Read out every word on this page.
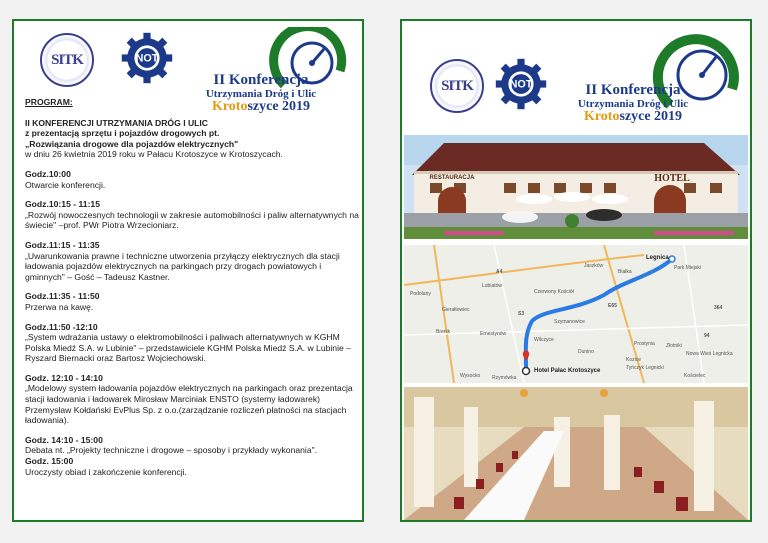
SITK	NOT
II Konferencja
Utrzymania Dróg i Ulic
Krotoszyce 2019
PROGRAM:
II KONFERENCJI UTRZYMANIA DRÓG I ULIC
z prezentacją sprzętu i pojazdów drogowych pt.
„Rozwiązania drogowe dla pojazdów elektrycznych"
w dniu 26 kwietnia 2019 roku w Pałacu Krotoszyce w Krotoszycach.
Godz.10:00
Otwarcie konferencji.
Godz.10:15 - 11:15
„Rozwój nowoczesnych technologii w zakresie automobilności i paliw alternatywnych na świecie" –prof. PWr Piotra Wrzecioniarz.
Godz.11:15 - 11:35
„Uwarunkowania prawne i techniczne utworzenia przyłączy elektrycznych dla stacji ładowania pojazdów elektrycznych na parkingach przy drogach powiatowych i gminnych" – Gość – Tadeusz Kastner.
Godz.11:35 - 11:50
Przerwa na kawę.
Godz.11:50 -12:10
„System wdrażania ustawy o elektromobilności i paliwach alternatywnych w KGHM Polska Miedź S.A. w Lubinie" – przedstawiciele KGHM Polska Miedź S.A. w Lubinie – Ryszard Biernacki oraz Bartosz Wojciechowski.
Godz. 12:10 - 14:10
„Modelowy system ładowania pojazdów elektrycznych na parkingach oraz prezentacja stacji ładowania i ładowarek Mirosław Marciniak ENSTO (systemy ładowarek) Przemysław Kołdański EvPlus Sp. z o.o.(zarządzanie rozliczeń płatności na stacjach ładowania).
Godz. 14:10 - 15:00
Debata nt. „Projekty techniczne i drogowe – sposoby i przykłady wykonania".
Godz. 15:00
Uroczysty obiad i zakończenie konferencji.
SITK	NOT	II Konferencja
Utrzymania Dróg i Ulic
Krotoszyce 2019
RESTAURACJA	HOTEL
Legnica
Hotel Pałac Krotoszyce
Lubiatów
Jaszków
Białka
Park Miejski
Podolany	Czerwony Kościół
Gierałtowiec
Brenik	Ernestynów
Szymanowice
Wilczyce
Dunino
Prostynia Złotniki
Nowa Wieś Legnicka
Kozice
Tyńczyk Legnicki
Wysocko Rzymówka	Kościelec
A4
S3
E65	364
94
